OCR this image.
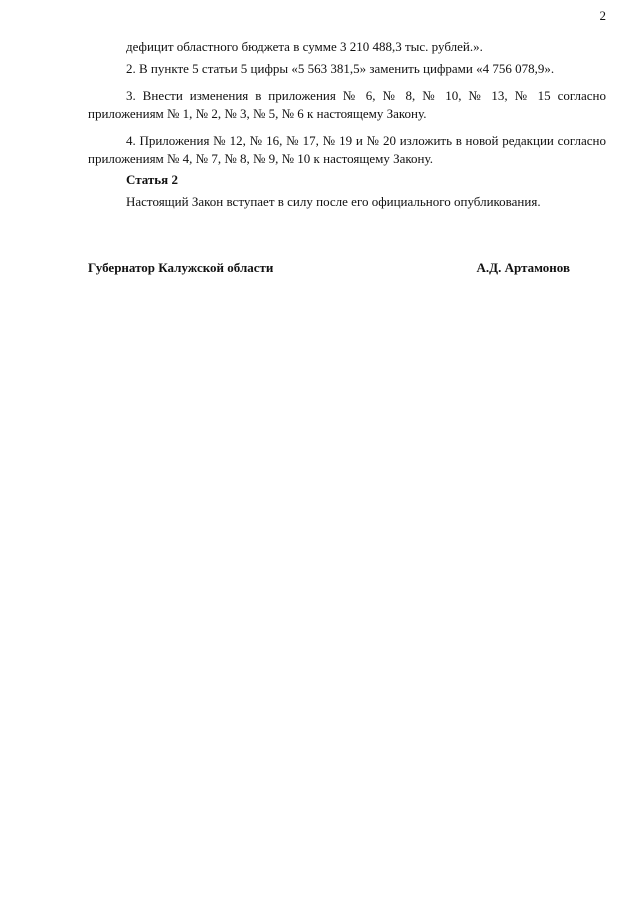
2

дефицит областного бюджета в сумме 3 210 488,3 тыс. рублей.».

2. В пункте 5 статьи 5 цифры «5 563 381,5» заменить цифрами «4 756 078,9».

3. Внести изменения в приложения № 6, № 8, № 10, № 13, № 15 согласно приложениям № 1, № 2, № 3, № 5, № 6 к настоящему Закону.

4. Приложения № 12, № 16, № 17, № 19 и № 20 изложить в новой редакции согласно приложениям № 4, № 7, № 8, № 9, № 10 к настоящему Закону.

Статья 2

Настоящий Закон вступает в силу после его официального опубликования.

Губернатор Калужской области	А.Д. Артамонов
